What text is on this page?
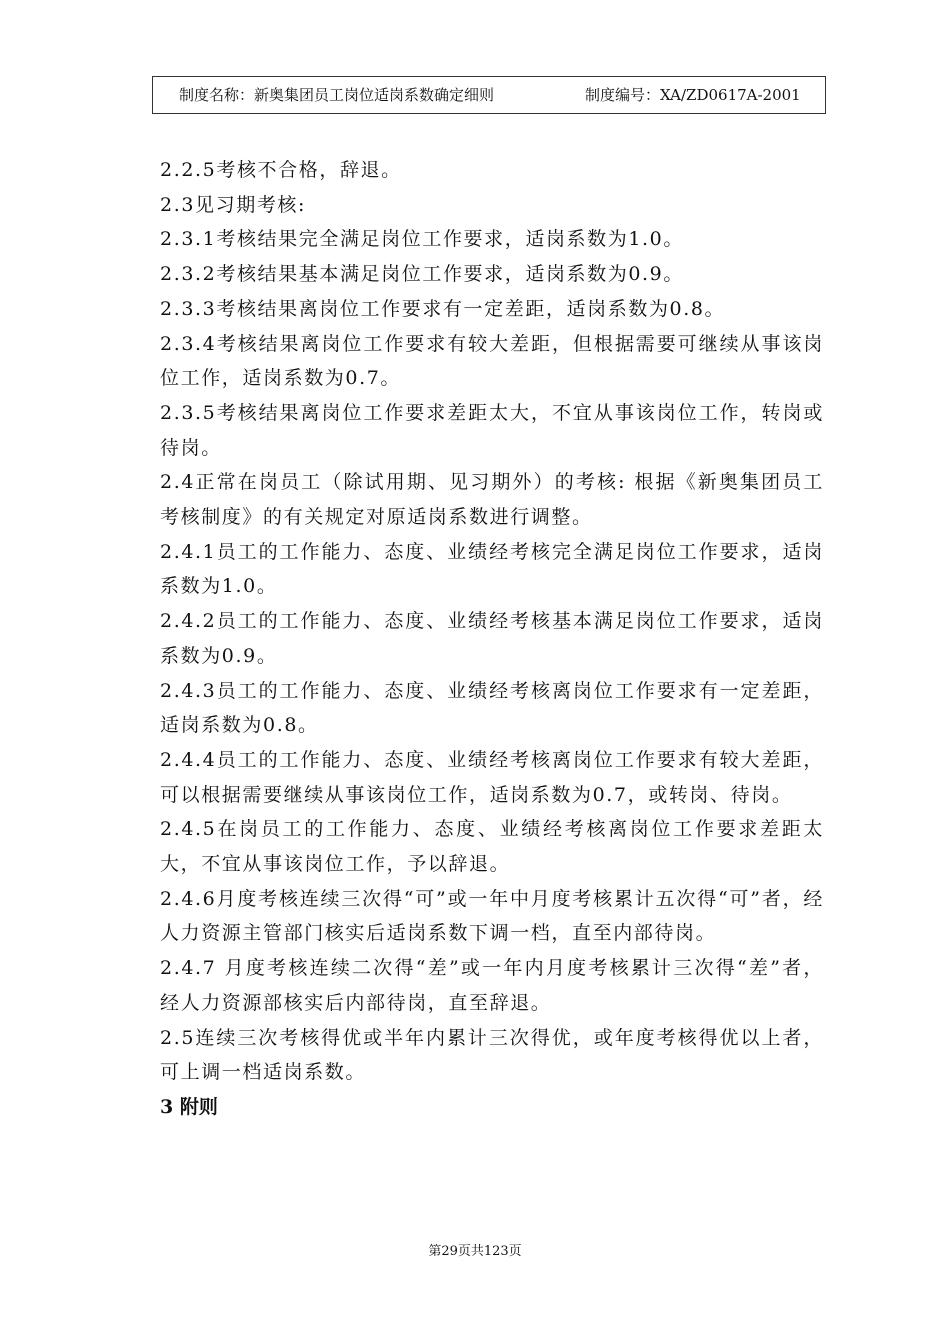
制度名称：新奥集团员工岗位适岗系数确定细则	制度编号：XA/ZD0617A-2001

2.2.5考核不合格，辞退。

2.3见习期考核:

2.3.1考核结果完全满足岗位工作要求，适岗系数为1.0。

2.3.2考核结果基本满足岗位工作要求，适岗系数为0.9。

2.3.3考核结果离岗位工作要求有一定差距，适岗系数为0.8。

2.3.4考核结果离岗位工作要求有较大差距，但根据需要可继续从事该岗位工作，适岗系数为0.7。

2.3.5考核结果离岗位工作要求差距太大，不宜从事该岗位工作，转岗或待岗。

2.4正常在岗员工（除试用期、见习期外）的考核: 根据《新奥集团员工考核制度》的有关规定对原适岗系数进行调整。

2.4.1员工的工作能力、态度、业绩经考核完全满足岗位工作要求，适岗系数为1.0。

2.4.2员工的工作能力、态度、业绩经考核基本满足岗位工作要求，适岗系数为0.9。

2.4.3员工的工作能力、态度、业绩经考核离岗位工作要求有一定差距，适岗系数为0.8。

2.4.4员工的工作能力、态度、业绩经考核离岗位工作要求有较大差距，可以根据需要继续从事该岗位工作，适岗系数为0.7，或转岗、待岗。

2.4.5在岗员工的工作能力、态度、业绩经考核离岗位工作要求差距太大，不宜从事该岗位工作，予以辞退。

2.4.6月度考核连续三次得“可”或一年中月度考核累计五次得“可”者，经人力资源主管部门核实后适岗系数下调一档，直至内部待岗。

2.4.7 月度考核连续二次得“差”或一年内月度考核累计三次得“差”者，经人力资源部核实后内部待岗，直至辞退。

2.5连续三次考核得优或半年内累计三次得优，或年度考核得优以上者，可上调一档适岗系数。

3 附则

第29页共123页
